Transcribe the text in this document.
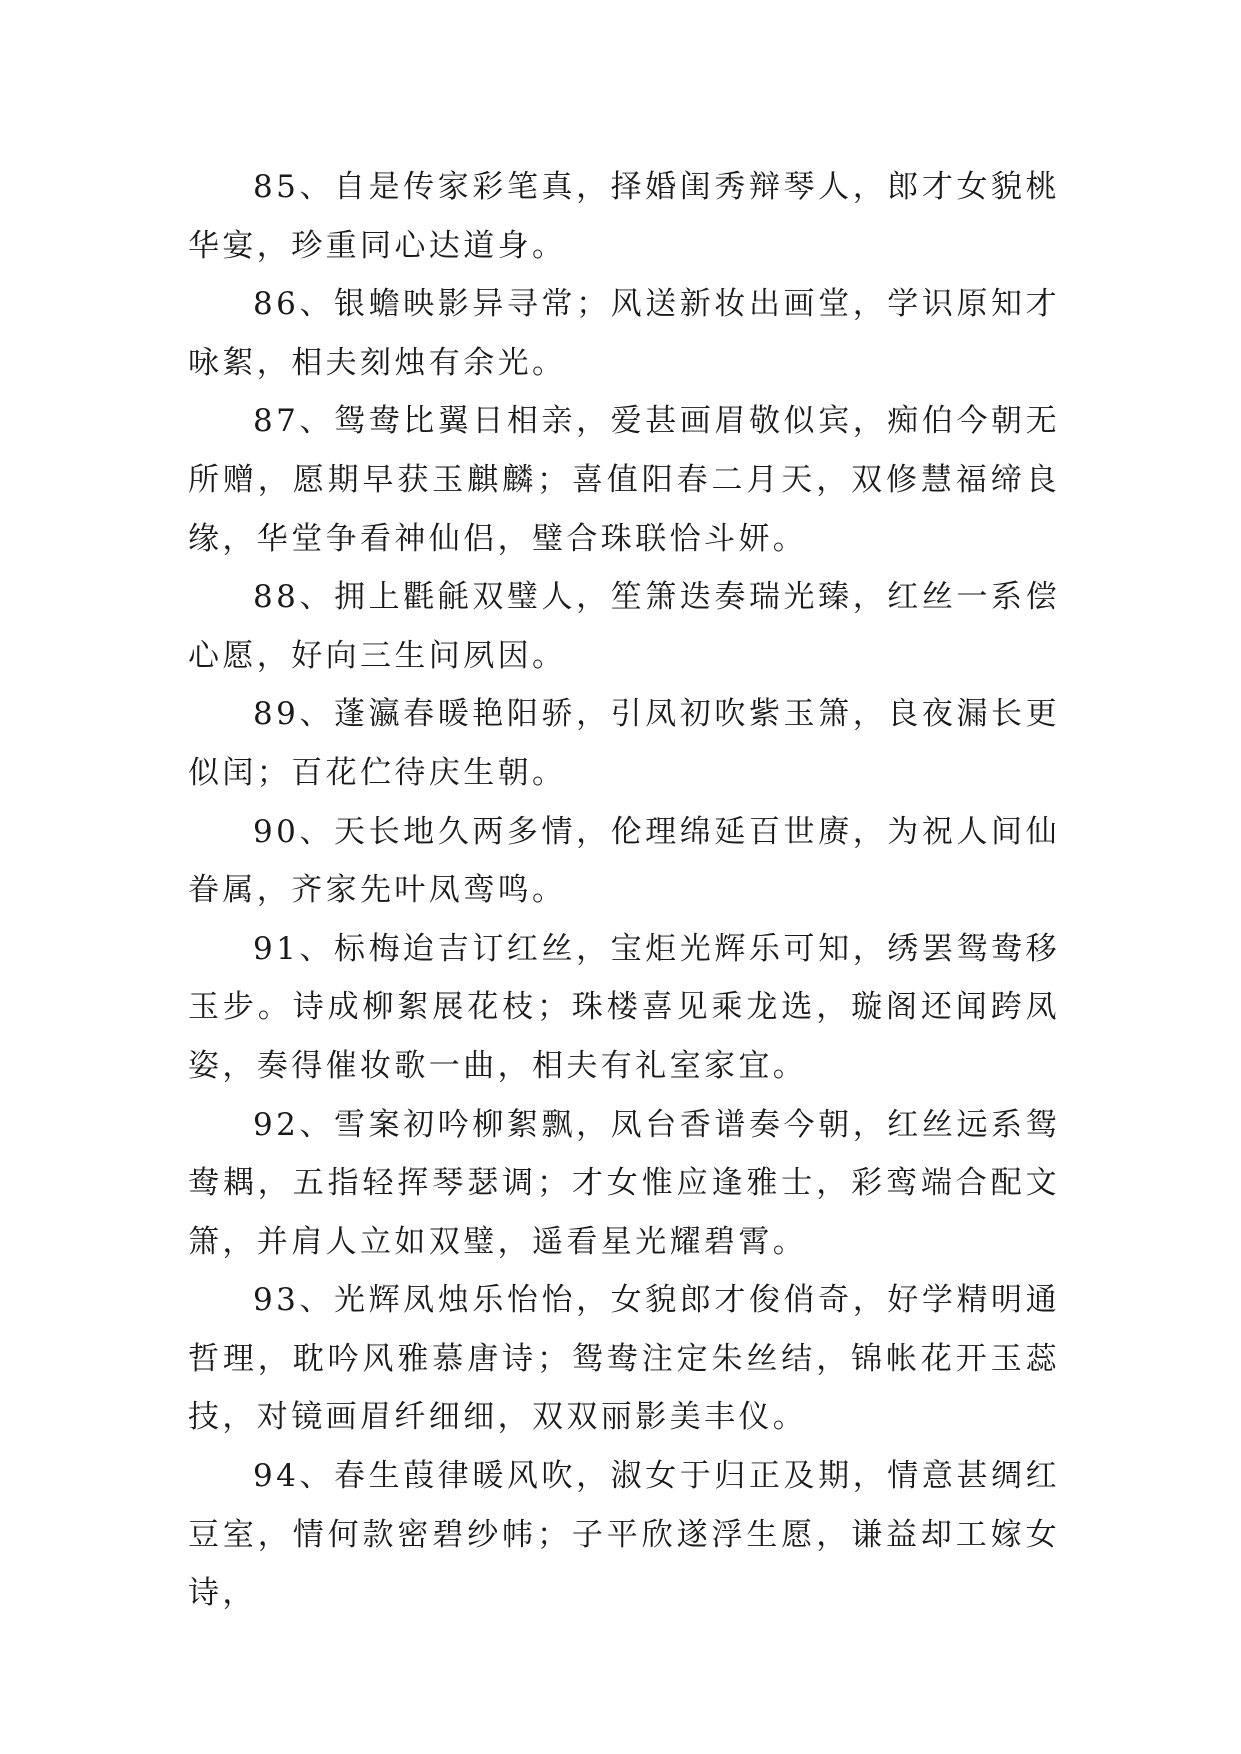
85、自是传家彩笔真，择婚闺秀辩琴人，郎才女貌桃华宴，珍重同心达道身。

86、银蟾映影异寻常；风送新妆出画堂，学识原知才咏絮，相夫刻烛有余光。

87、鸳鸯比翼日相亲，爱甚画眉敬似宾，痴伯今朝无所赠，愿期早获玉麒麟；喜值阳春二月天，双修慧福缔良缘，华堂争看神仙侣，璧合珠联恰斗妍。

88、拥上氍毹双璧人，笙箫迭奏瑞光臻，红丝一系偿心愿，好向三生问夙因。

89、蓬瀛春暖艳阳骄，引凤初吹紫玉箫，良夜漏长更似闰；百花伫待庆生朝。

90、天长地久两多情，伦理绵延百世赓，为祝人间仙眷属，齐家先叶凤鸾鸣。

91、标梅迨吉订红丝，宝炬光辉乐可知，绣罢鸳鸯移玉步。诗成柳絮展花枝；珠楼喜见乘龙选，璇阁还闻跨凤姿，奏得催妆歌一曲，相夫有礼室家宜。

92、雪案初吟柳絮飘，凤台香谱奏今朝，红丝远系鸳鸯耦，五指轻挥琴瑟调；才女惟应逢雅士，彩鸾端合配文箫，并肩人立如双璧，遥看星光耀碧霄。

93、光辉凤烛乐怡怡，女貌郎才俊俏奇，好学精明通哲理，耽吟风雅慕唐诗；鸳鸯注定朱丝结，锦帐花开玉蕊技，对镜画眉纤细细，双双丽影美丰仪。

94、春生葭律暖风吹，淑女于归正及期，情意甚绸红豆室，情何款密碧纱帏；子平欣遂浮生愿，谦益却工嫁女诗，
